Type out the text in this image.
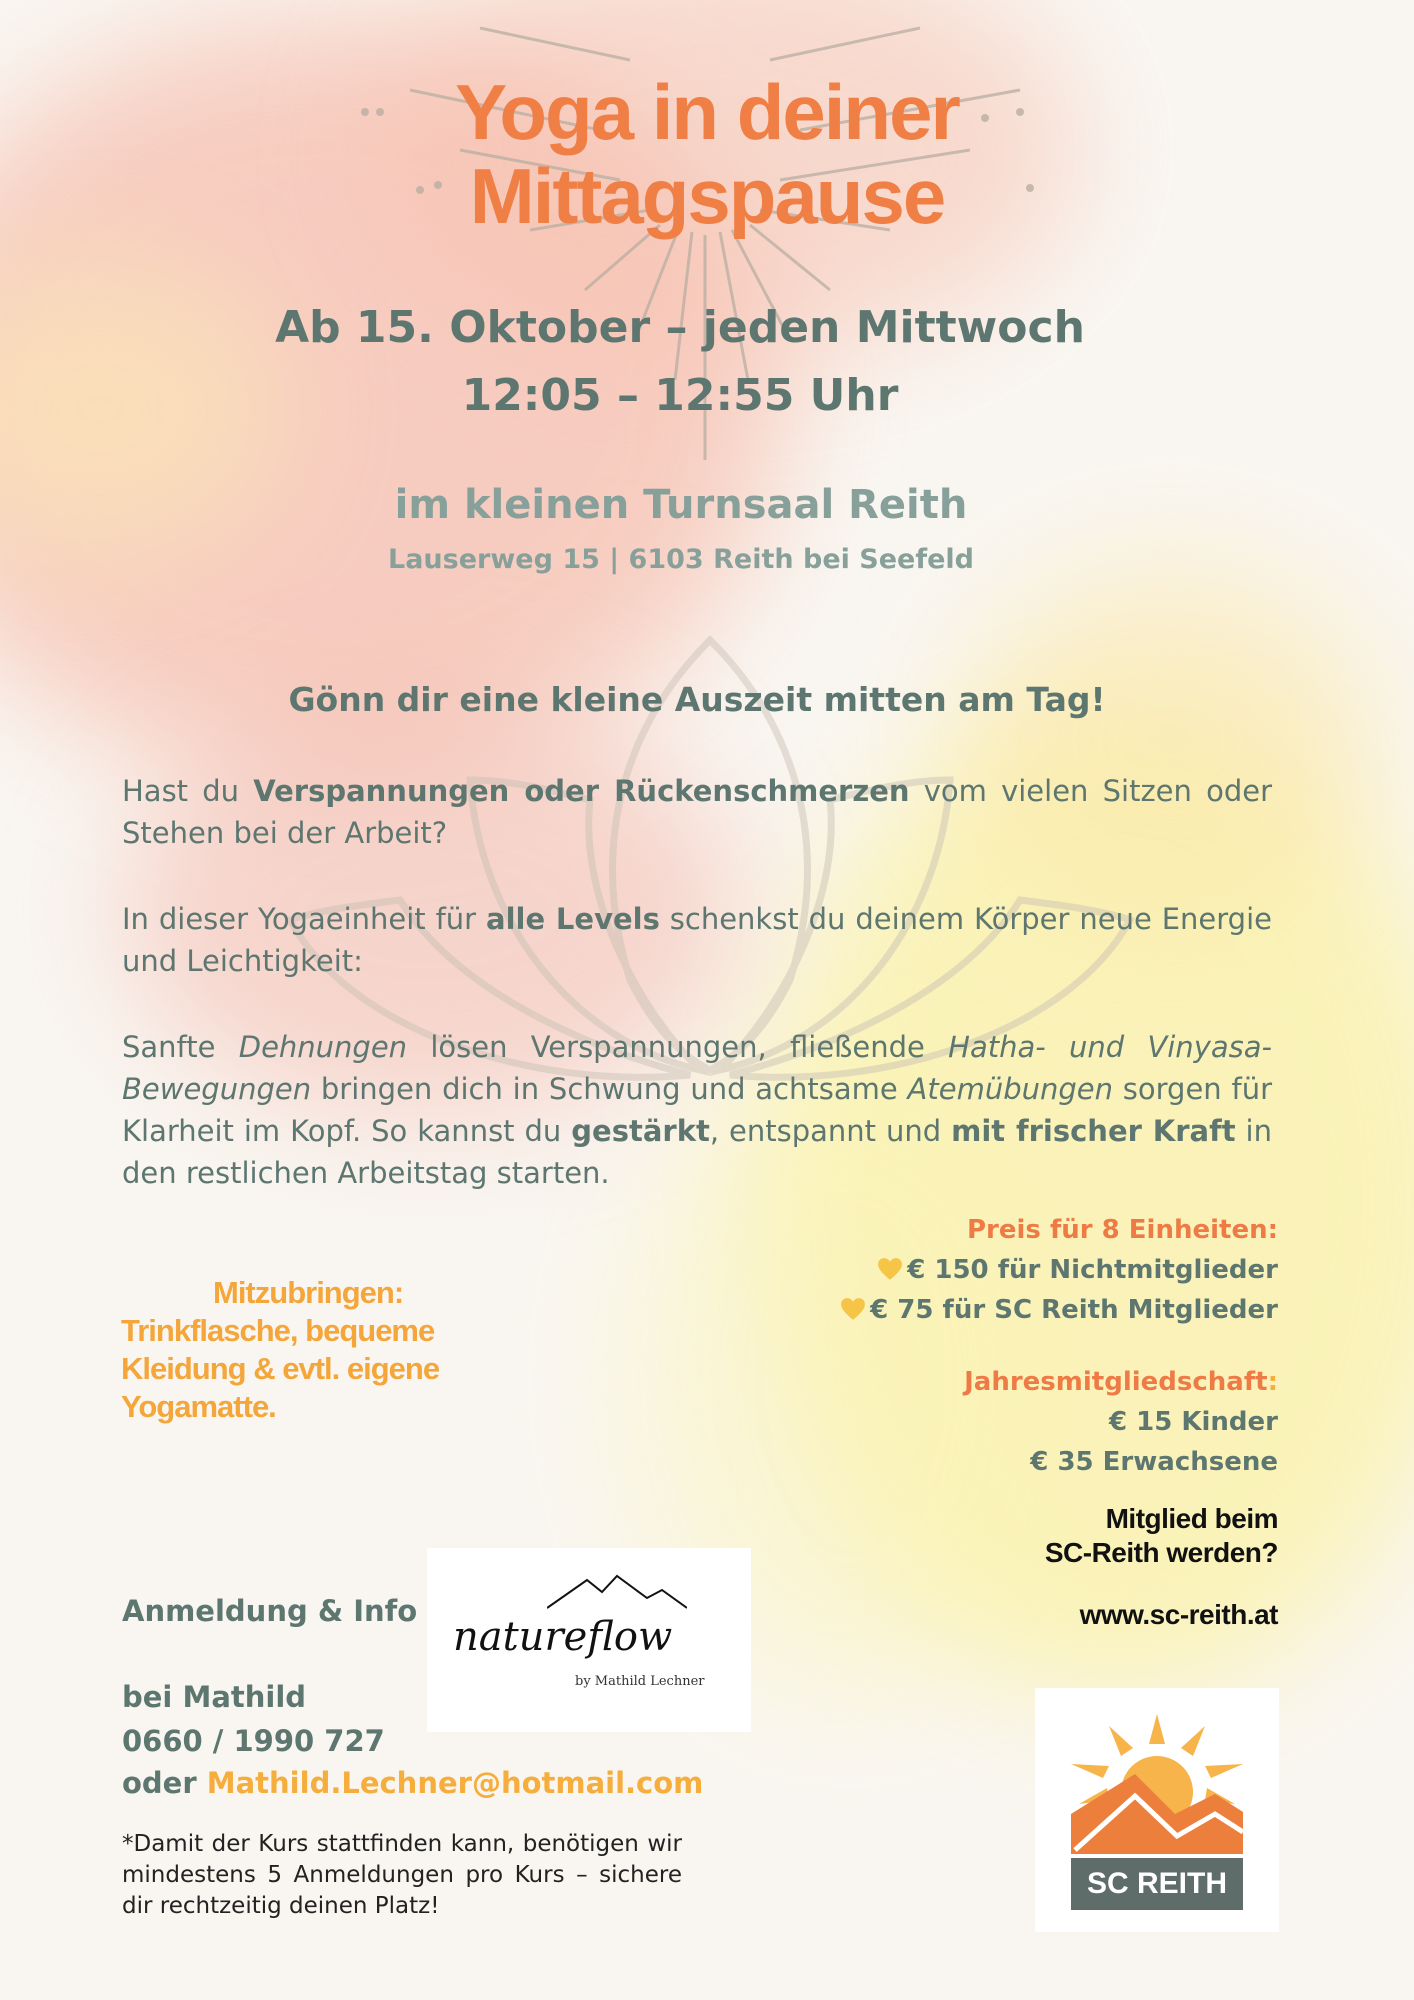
Yoga in deiner
Mittagspause
Ab 15. Oktober – jeden Mittwoch
12:05 – 12:55 Uhr
im kleinen Turnsaal Reith
Lauserweg 15 | 6103 Reith bei Seefeld
Gönn dir eine kleine Auszeit mitten am Tag!
Hast du Verspannungen oder Rückenschmerzen vom vielen Sitzen oder Stehen bei der Arbeit?
In dieser Yogaeinheit für alle Levels schenkst du deinem Körper neue Energie und Leichtigkeit:
Sanfte Dehnungen lösen Verspannungen, fließende Hatha- und Vinyasa-Bewegungen bringen dich in Schwung und achtsame Atemübungen sorgen für Klarheit im Kopf. So kannst du gestärkt, entspannt und mit frischer Kraft in den restlichen Arbeitstag starten.
Preis für 8 Einheiten:
€ 150 für Nichtmitglieder
€ 75 für SC Reith Mitglieder
Jahresmitgliedschaft:
€ 15 Kinder
€ 35 Erwachsene
Mitglied beim
SC-Reith werden?
www.sc-reith.at
Mitzubringen:
Trinkflasche, bequeme
Kleidung & evtl. eigene
Yogamatte.
Anmeldung & Info
bei Mathild
0660 / 1990 727
oder Mathild.Lechner@hotmail.com
*Damit der Kurs stattfinden kann, benötigen wir mindestens 5 Anmeldungen pro Kurs – sichere dir rechtzeitig deinen Platz!
natureflow
by Mathild Lechner
SC REITH
